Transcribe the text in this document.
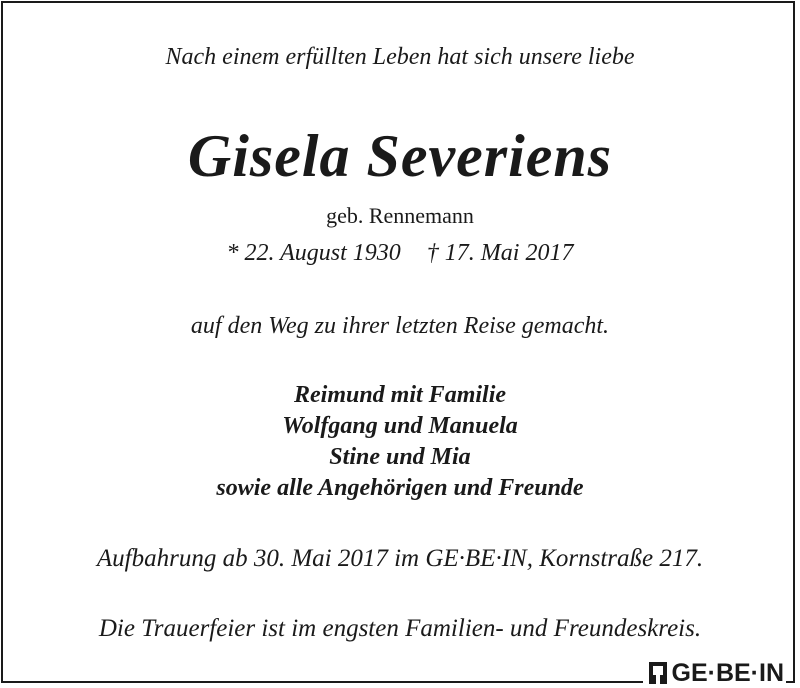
Nach einem erfüllten Leben hat sich unsere liebe
Gisela Severiens
geb. Rennemann
* 22. August 1930 † 17. Mai 2017
auf den Weg zu ihrer letzten Reise gemacht.
Reimund mit Familie
Wolfgang und Manuela
Stine und Mia
sowie alle Angehörigen und Freunde
Aufbahrung ab 30. Mai 2017 im GE·BE·IN, Kornstraße 217.
Die Trauerfeier ist im engsten Familien- und Freundeskreis.
GE·BE·IN
